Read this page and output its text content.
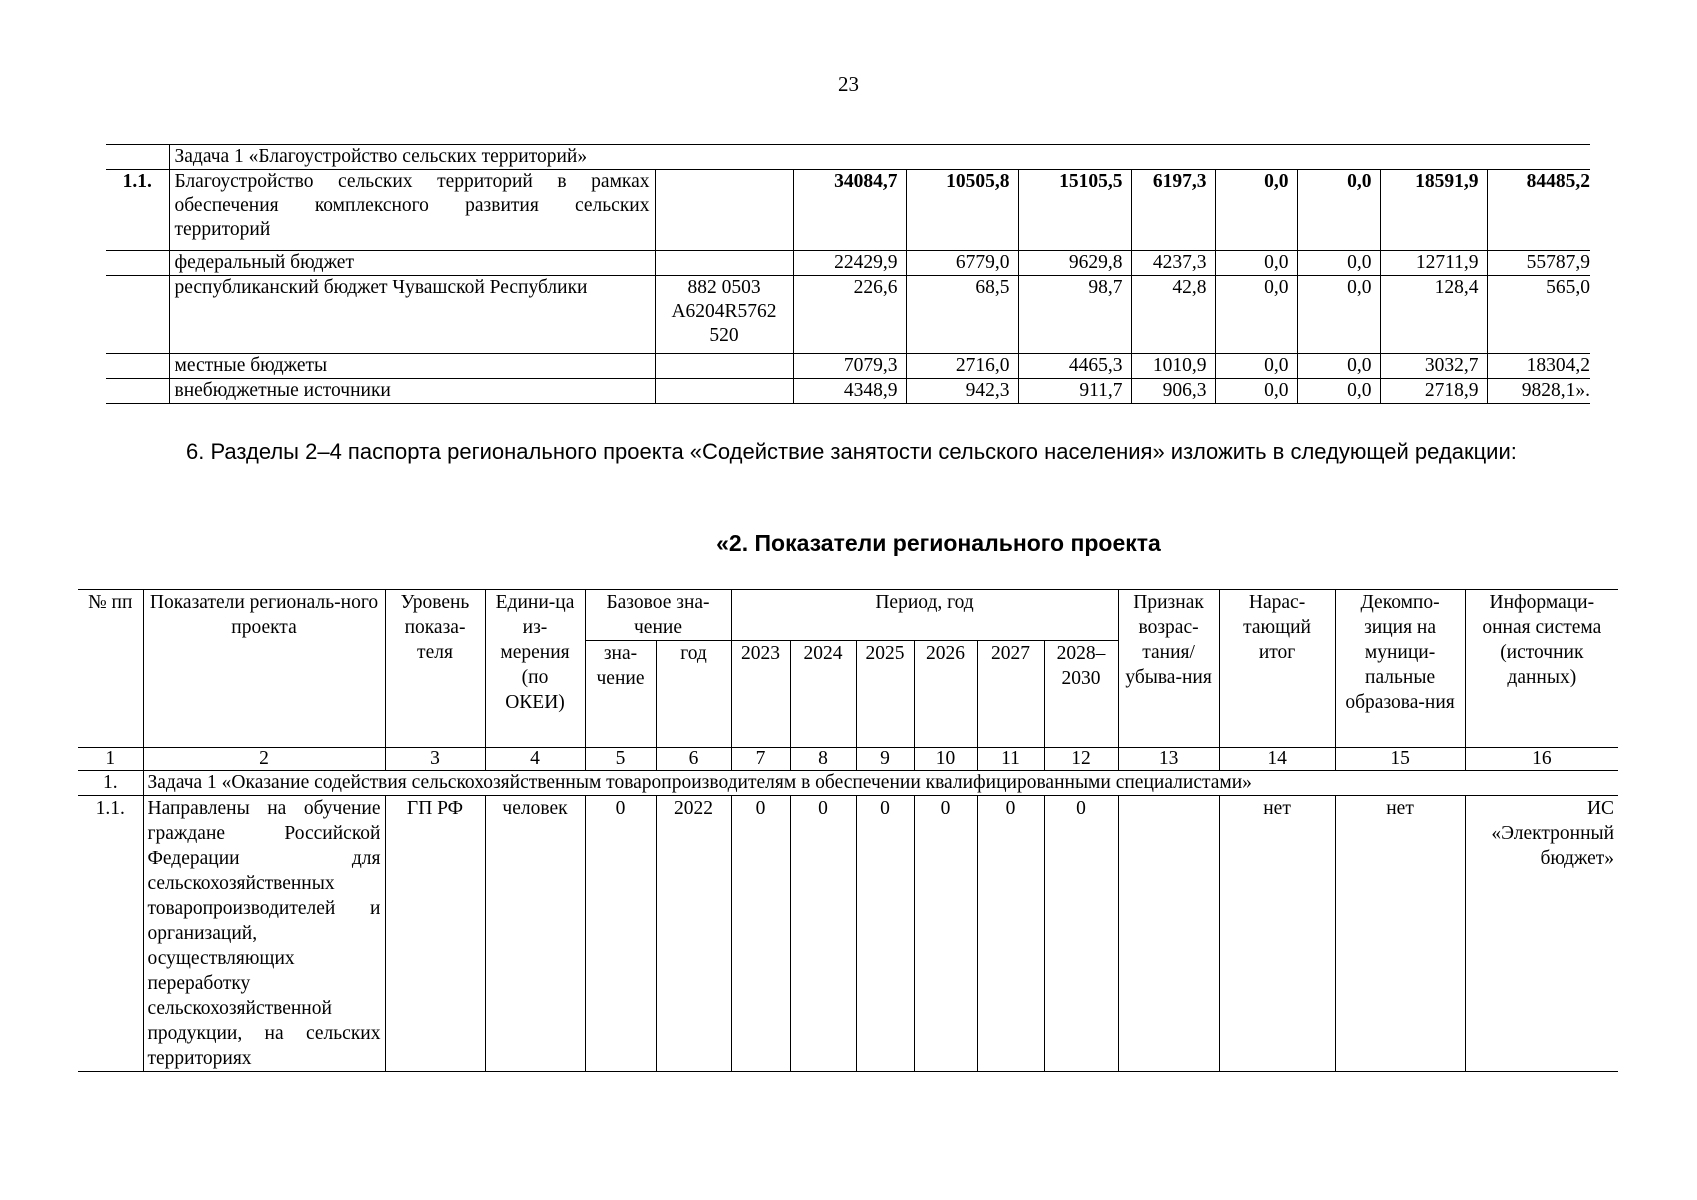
23
	Задача 1 «Благоустройство сельских территорий»									
1.1.	Благоустройство сельских территорий в рамках обеспечения комплексного развития сельских территорий		34084,7	10505,8	15105,5	6197,3	0,0	0,0	18591,9	84485,2
	федеральный бюджет		22429,9	6779,0	9629,8	4237,3	0,0	0,0	12711,9	55787,9
	республиканский бюджет Чувашской Республики	882 0503 A6204R5762 520	226,6	68,5	98,7	42,8	0,0	0,0	128,4	565,0
	местные бюджеты		7079,3	2716,0	4465,3	1010,9	0,0	0,0	3032,7	18304,2
	внебюджетные источники		4348,9	942,3	911,7	906,3	0,0	0,0	2718,9	9828,1».
6. Разделы 2–4 паспорта регионального проекта «Содействие занятости сельского населения» изложить в следующей редакции:
«2. Показатели регионального проекта
№ пп	Показатели региональ-ного проекта	Уровень показа-теля	Едини-ца из-мерения (по ОКЕИ)	Базовое зна-чение		Период, год						Признак возрас-тания/ убыва-ния	Нарас-тающий итог	Декомпо-зиция на муници-пальные образова-ния	Информаци-онная система (источник данных)

				зна-чение	год	2023	2024	2025	2026	2027	2028–2030				
1	2	3	4	5	6	7	8	9	10	11	12	13	14	15	16
1.	Задача 1 «Оказание содействия сельскохозяйственным товаропроизводителям в обеспечении квалифицированными специалистами»														
1.1.	Направлены на обучение граждане Российской Федерации для сельскохозяйственных товаропроизводителей и организаций, осуществляющих переработку сельскохозяйственной продукции, на сельских территориях	ГП РФ	человек	0	2022	0	0	0	0	0	0		нет	нет	ИС «Электронный бюджет»
